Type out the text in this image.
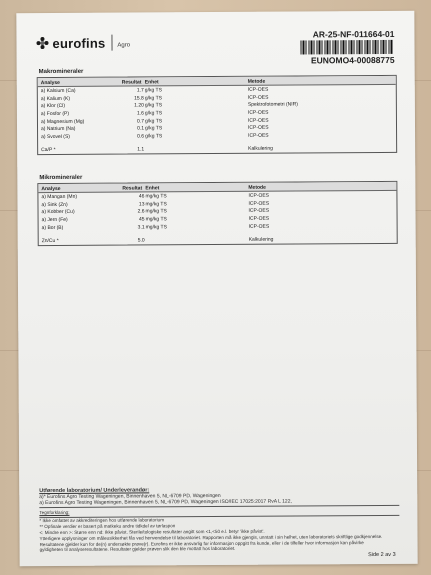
eurofins Agro
AR-25-NF-011664-01
EUNOMO4-00088775
Makromineraler
Analyse	Resultat Enhet	Metode
a) Kalsium (Ca)	1.7 g/kg TS	ICP-OES
a) Kalium (K)	15.8 g/kg TS	ICP-OES
a) Klor (Cl)	1.20 g/kg TS	Spektrofotometri (NIR)
a) Fosfor (P)	1.6 g/kg TS	ICP-OES
a) Magnesium (Mg)	0.7 g/kg TS	ICP-OES
a) Natrium (Na)	0.1 g/kg TS	ICP-OES
a) Svovel (S)	0.6 g/kg TS	ICP-OES
Ca/P *	1.1	Kalkulering
Mikromineraler
Analyse	Resultat Enhet	Metode
a) Mangan (Mn)	46 mg/kg TS	ICP-OES
a) Sink (Zn)	13 mg/kg TS	ICP-OES
a) Kobber (Cu)	2.6 mg/kg TS	ICP-OES
a) Jern (Fe)	45 mg/kg TS	ICP-OES
a) Bor (B)	3.1 mg/kg TS	ICP-OES
Zn/Cu *	5.0	Kalkulering
Utførende laboratorium/ Underleverandør:
a)* Eurofins Agro Testing Wageningen, Binnenhaven 5, NL-6709 PD, Wageningen
a) Eurofins Agro Testing Wageningen, Binnenhaven 5, NL-6709 PD, Wageningen ISO/IEC 17025:2017 RvA L 122,
Tegnforklaring:
* Ikke omfattet av akkrediteringen hos utførende laboratorium
** Opfinale verdier er basert på matkeku andre tidkdel av tørlaspon
<: Mindre enn >: Større enn nd: Ikke påvist. Sterile/tologiske resultater angitt som <1,<50 e.l. betyr 'ikke påvist'.
Ytterligere opplysninger om måleusikkerhet fås ved henvendelse til laboratoriet. Rapporten må ikke gjengis, unntatt i sin helhet, uten laboratoriets skriftlige godkjennelse.
Resultatene gjelder kun for de(n) undersøkte prøve(r). Eurofins er ikke ansvarlig for informasjon oppgitt fra kunde, eller i de tilfeller hvor informasjon kan påvirke
gyldigheten til analyseresultatene. Resultater gjelder prøven slik den ble mottatt hos laboratoriet.
Side 2 av 3
